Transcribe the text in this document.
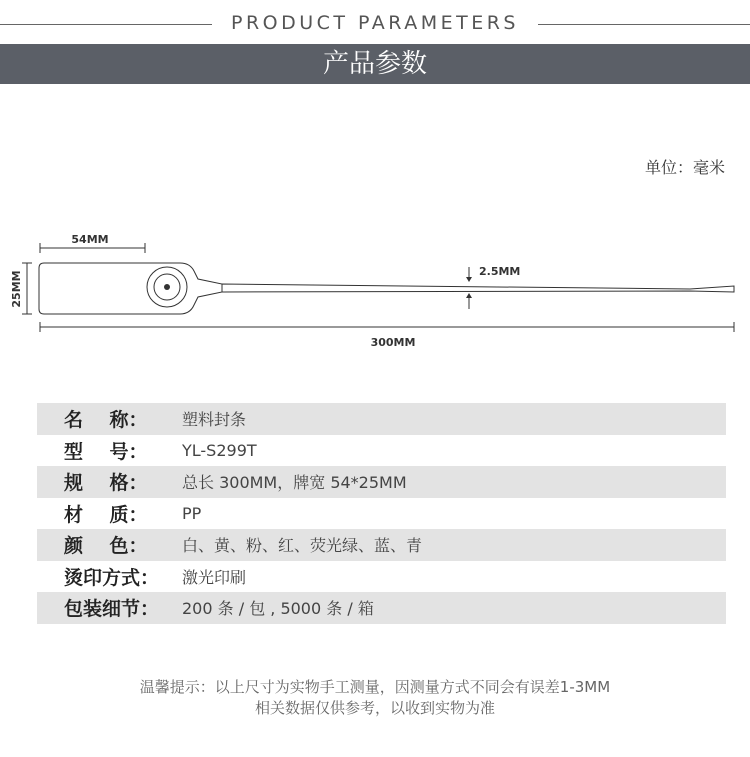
PRODUCT PARAMETERS
产品参数
单位：毫米
54MM
25MM	2.5MM
300MM
名    称：	塑料封条
型    号：	YL-S299T
规    格：	总长 300MM，牌宽 54*25MM
材    质：	PP
颜    色：	白、黄、粉、红、荧光绿、蓝、青
烫印方式：	激光印刷
包装细节：	200 条 / 包 , 5000 条 / 箱
温馨提示：以上尺寸为实物手工测量，因测量方式不同会有误差1-3MM
相关数据仅供参考，以收到实物为准
